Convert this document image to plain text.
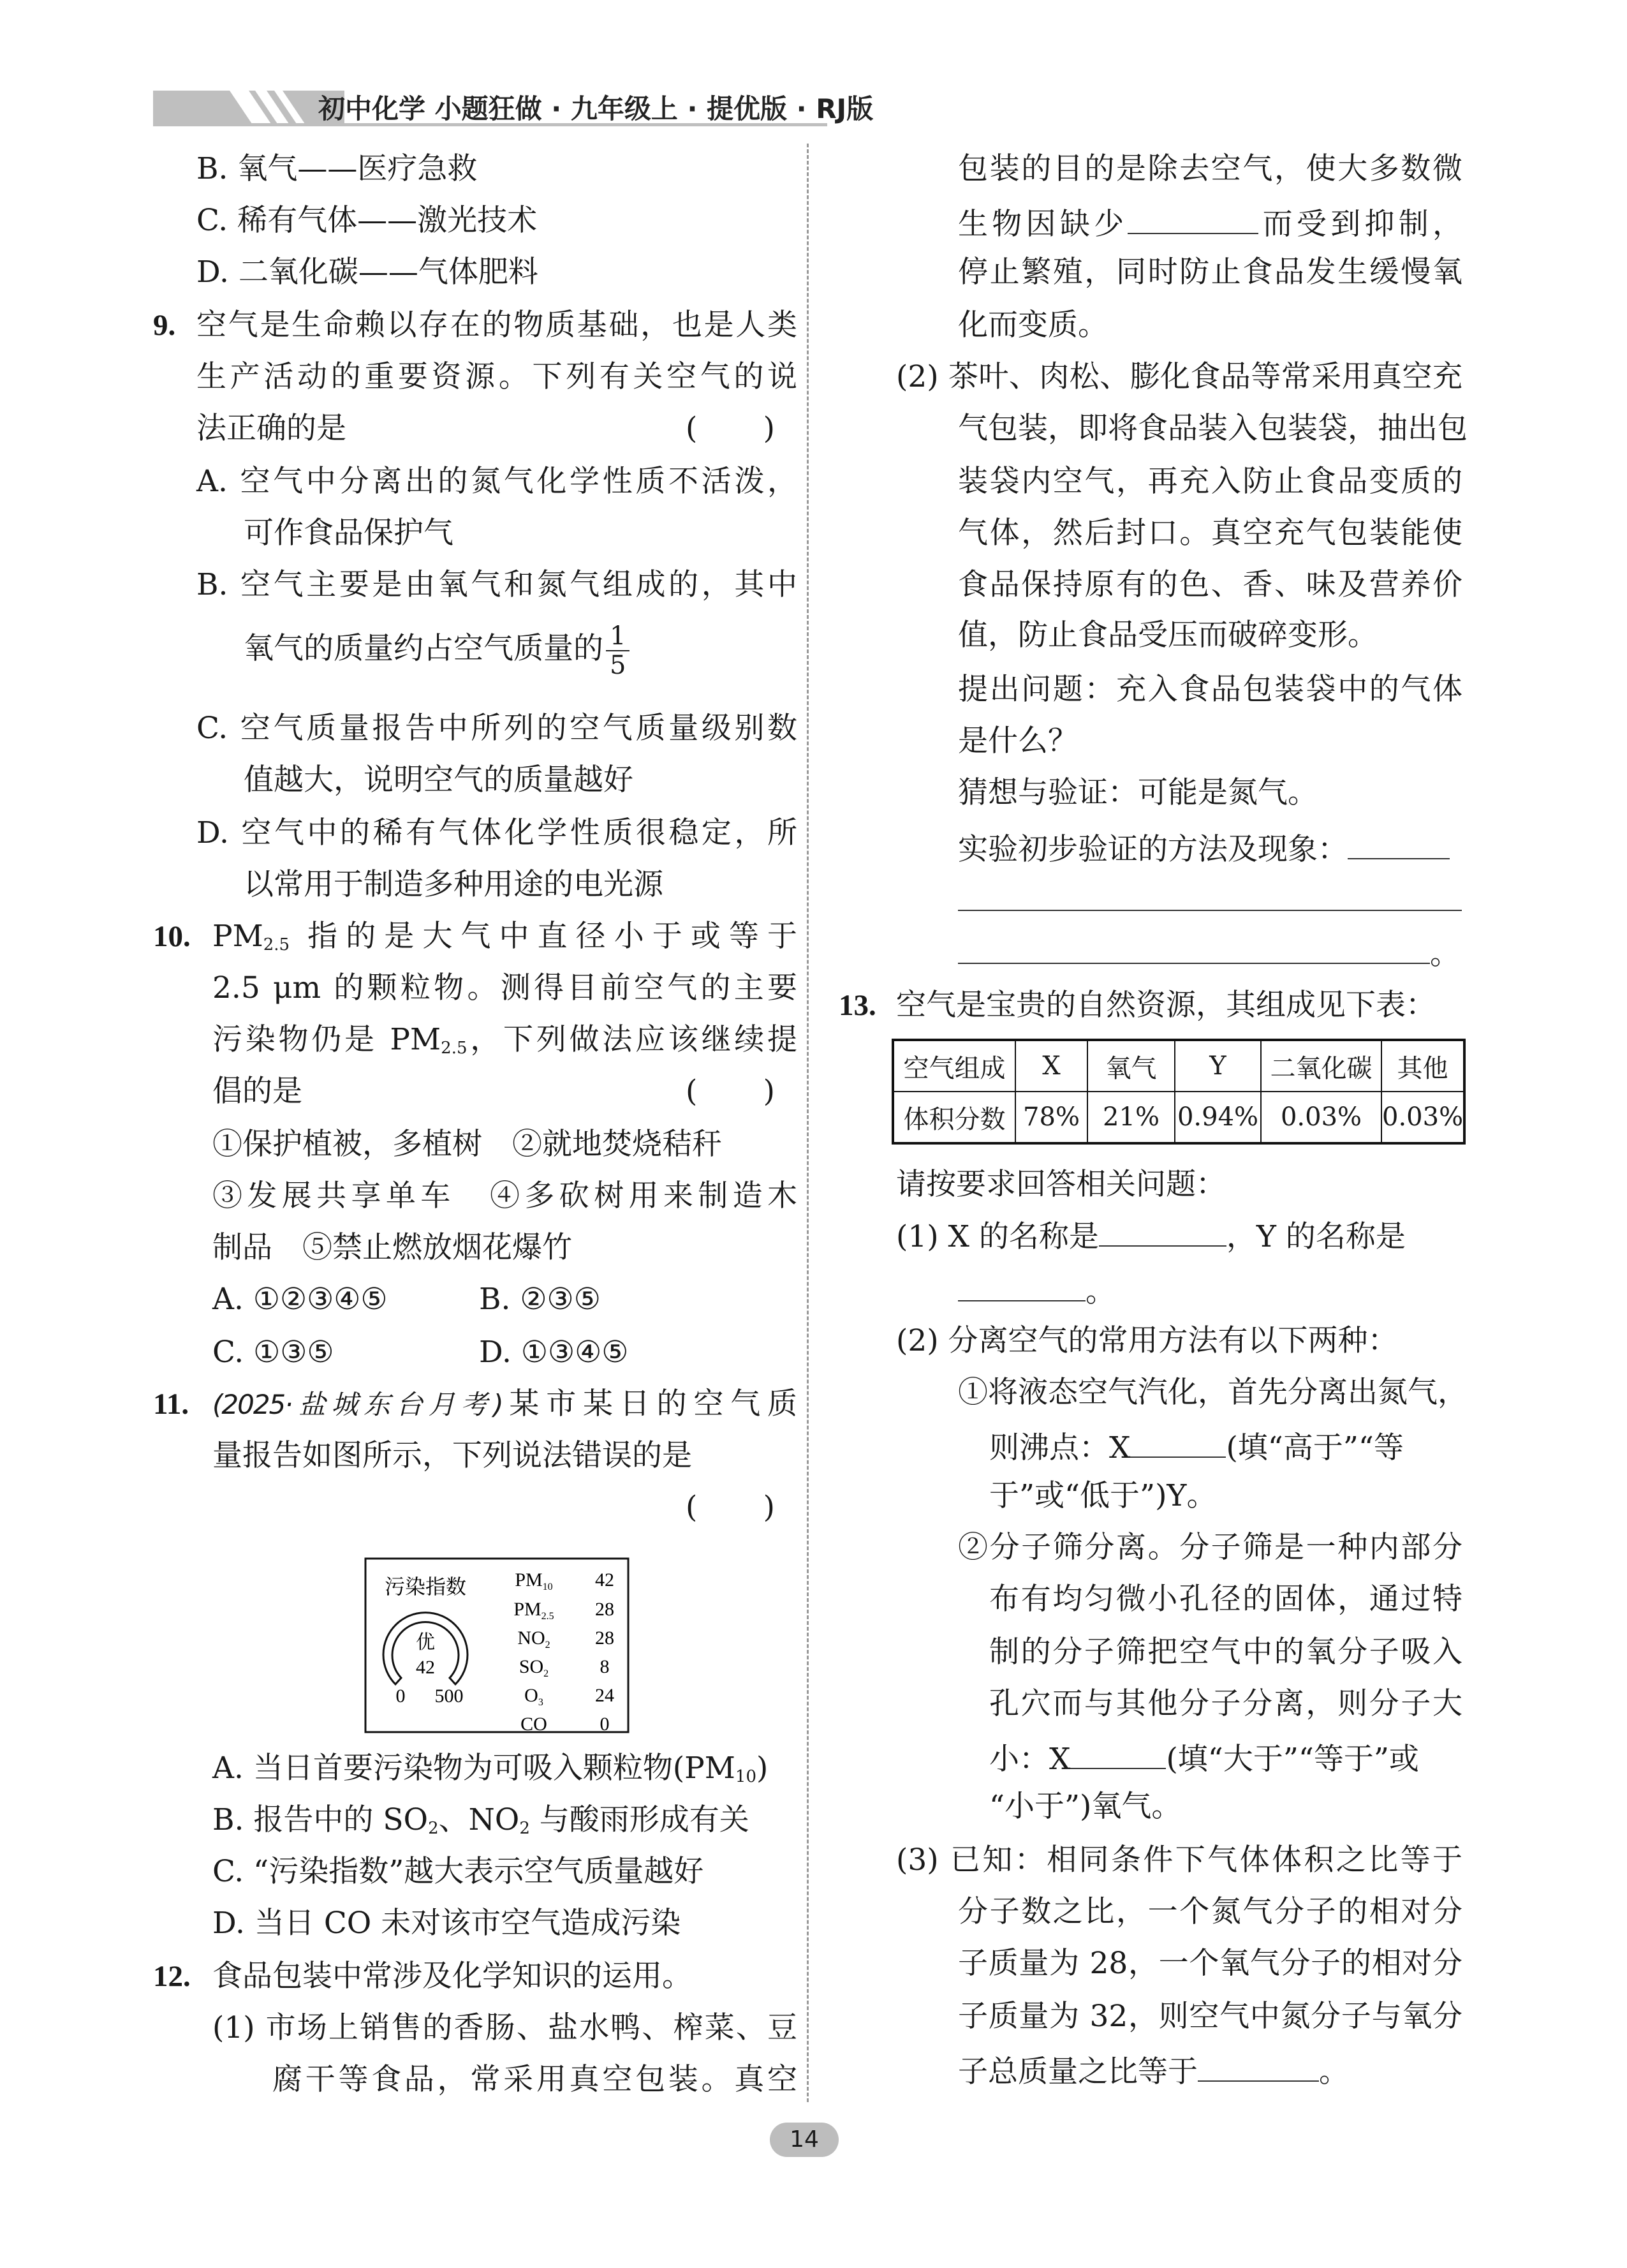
初中化学 小题狂做 · 九年级上 · 提优版 · RJ版
B. 氧气——医疗急救
C. 稀有气体——激光技术
D. 二氧化碳——气体肥料
9. 空气是生命赖以存在的物质基础，也是人类
生产活动的重要资源。下列有关空气的说
法正确的是	(　　)
A. 空气中分离出的氮气化学性质不活泼，
可作食品保护气
B. 空气主要是由氧气和氮气组成的，其中
氧气的质量约占空气质量的 $\frac{1}{5}$
C. 空气质量报告中所列的空气质量级别数
值越大，说明空气的质量越好
D. 空气中的稀有气体化学性质很稳定，所
以常用于制造多种用途的电光源
10. $PM_{2.5}$ 指的是大气中直径小于或等于
2.5 μm 的颗粒物。测得目前空气的主要
污染物仍是 $PM_{2.5}$，下列做法应该继续提
倡的是	(　　)
①保护植被，多植树　②就地焚烧秸秆
③发展共享单车　④多砍树用来制造木
制品　⑤禁止燃放烟花爆竹
A. ①②③④⑤	B. ②③⑤
C. ①③⑤	D. ①③④⑤
11. (2025·盐城东台月考)某市某日的空气质
量报告如图所示，下列说法错误的是
(　　)
污染指数
优
42
0 500
$PM_{10}$ 42
$PM_{2.5}$ 28
$NO_2$ 28
$SO_2$	8
$O_3$	24
CO	0
A. 当日首要污染物为可吸入颗粒物$(PM_{10})$
B. 报告中的 $SO_2$、$NO_2$ 与酸雨形成有关
C. “污染指数”越大表示空气质量越好
D. 当日 CO 未对该市空气造成污染
12. 食品包装中常涉及化学知识的运用。
(1) 市场上销售的香肠、盐水鸭、榨菜、豆
腐干等食品，常采用真空包装。真空
包装的目的是除去空气，使大多数微
生物因缺少	而受到抑制，
停止繁殖，同时防止食品发生缓慢氧
化而变质。
(2) 茶叶、肉松、膨化食品等常采用真空充
气包装，即将食品装入包装袋，抽出包
装袋内空气，再充入防止食品变质的
气体，然后封口。真空充气包装能使
食品保持原有的色、香、味及营养价
值，防止食品受压而破碎变形。
提出问题：充入食品包装袋中的气体
是什么？
猜想与验证：可能是氮气。
实验初步验证的方法及现象：
。
13. 空气是宝贵的自然资源，其组成见下表：
空气组成	X	氧气	Y	二氧化碳	其他
体积分数	78%	21%	0.94%	0.03%	0.03%
请按要求回答相关问题：
(1) X 的名称是	，Y 的名称是
。
(2) 分离空气的常用方法有以下两种：
①将液态空气汽化，首先分离出氮气，
则沸点：X	(填“高于”“等
于”或“低于”)Y。
②分子筛分离。分子筛是一种内部分
布有均匀微小孔径的固体，通过特
制的分子筛把空气中的氧分子吸入
孔穴而与其他分子分离，则分子大
小：X	(填“大于”“等于”或
“小于”)氧气。
(3) 已知：相同条件下气体体积之比等于
分子数之比，一个氮气分子的相对分
子质量为 28，一个氧气分子的相对分
子质量为 32，则空气中氮分子与氧分
子总质量之比等于	。
14
